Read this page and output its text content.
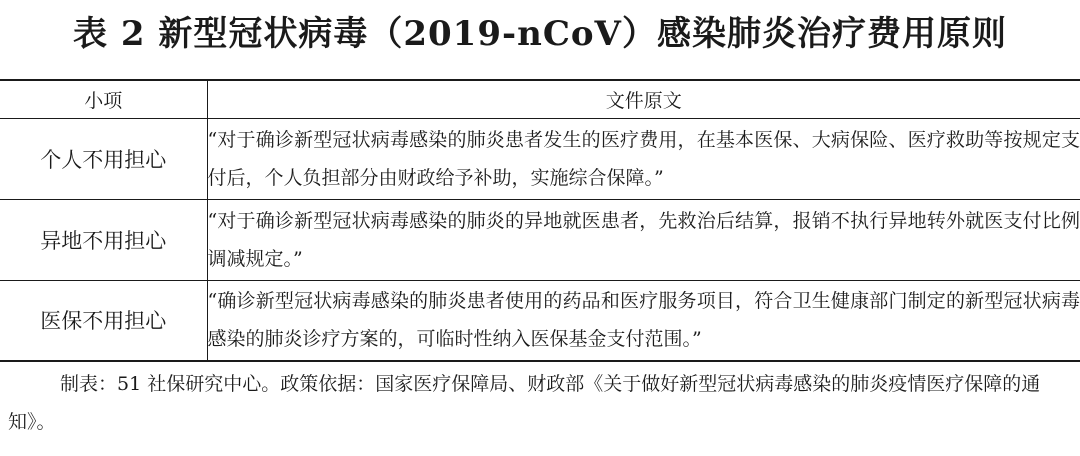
表 2 新型冠状病毒（2019-nCoV）感染肺炎治疗费用原则
小项	文件原文
个人不用担心	“对于确诊新型冠状病毒感染的肺炎患者发生的医疗费用，在基本医保、大病保险、医疗救助等按规定支付后，个人负担部分由财政给予补助，实施综合保障。”
异地不用担心	“对于确诊新型冠状病毒感染的肺炎的异地就医患者，先救治后结算，报销不执行异地转外就医支付比例调减规定。”
医保不用担心	“确诊新型冠状病毒感染的肺炎患者使用的药品和医疗服务项目，符合卫生健康部门制定的新型冠状病毒感染的肺炎诊疗方案的，可临时性纳入医保基金支付范围。”
制表：51 社保研究中心。政策依据：国家医疗保障局、财政部《关于做好新型冠状病毒感染的肺炎疫情医疗保障的通知》。
